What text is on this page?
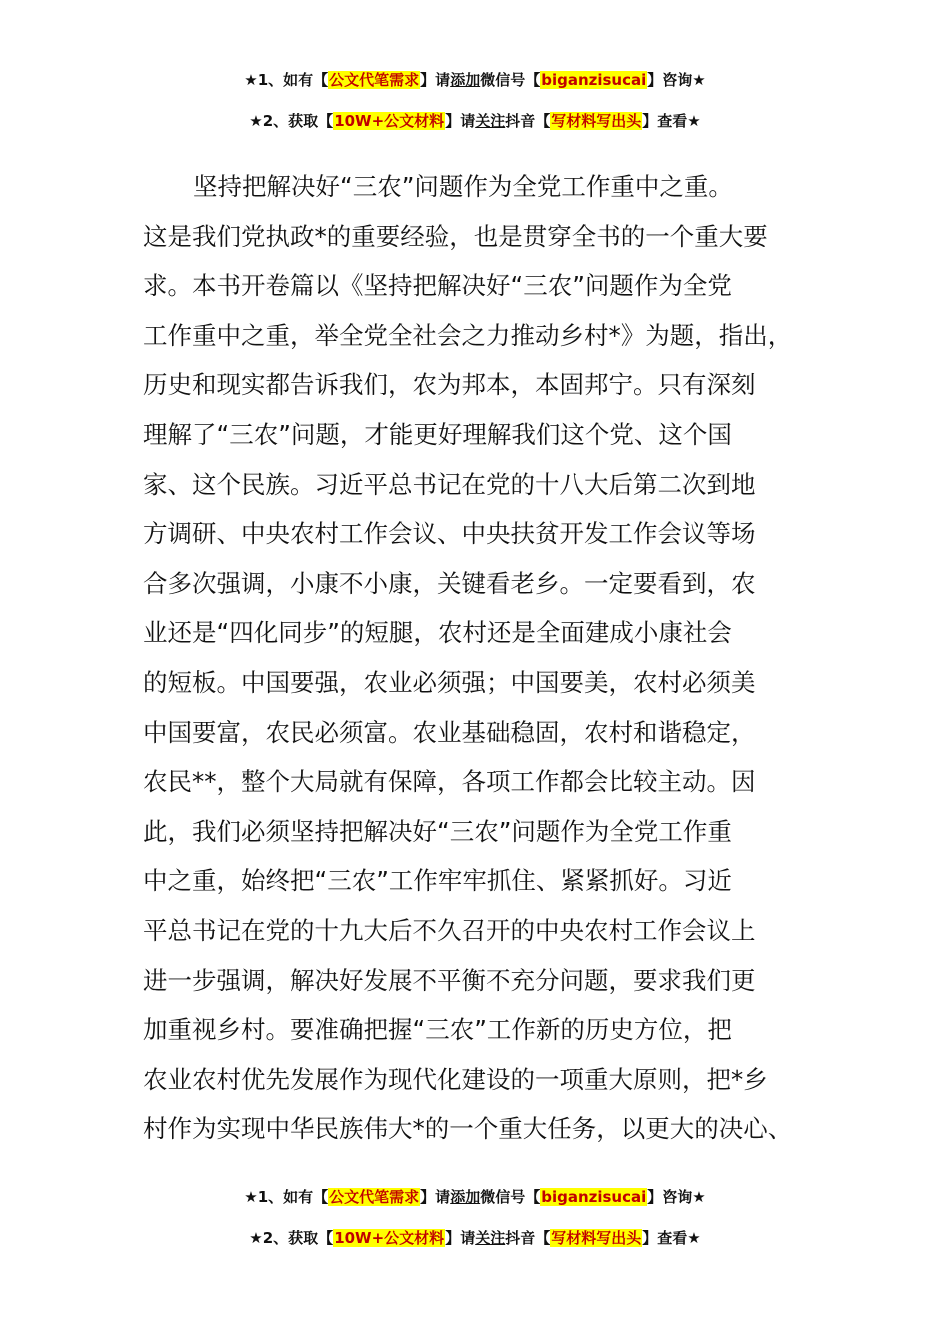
★1、如有【公文代笔需求】请添加微信号【biganzisucai】咨询★
★2、获取【10W+公文材料】请关注抖音【写材料写出头】查看★
坚持把解决好“三农”问题作为全党工作重中之重。
这是我们党执政*的重要经验，也是贯穿全书的一个重大要
求。本书开卷篇以《坚持把解决好“三农”问题作为全党
工作重中之重，举全党全社会之力推动乡村*》为题，指出，
历史和现实都告诉我们，农为邦本，本固邦宁。只有深刻
理解了“三农”问题，才能更好理解我们这个党、这个国
家、这个民族。习近平总书记在党的十八大后第二次到地
方调研、中央农村工作会议、中央扶贫开发工作会议等场
合多次强调，小康不小康，关键看老乡。一定要看到，农
业还是“四化同步”的短腿，农村还是全面建成小康社会
的短板。中国要强，农业必须强；中国要美，农村必须美
中国要富，农民必须富。农业基础稳固，农村和谐稳定，
农民**，整个大局就有保障，各项工作都会比较主动。因
此，我们必须坚持把解决好“三农”问题作为全党工作重
中之重，始终把“三农”工作牢牢抓住、紧紧抓好。习近
平总书记在党的十九大后不久召开的中央农村工作会议上
进一步强调，解决好发展不平衡不充分问题，要求我们更
加重视乡村。要准确把握“三农”工作新的历史方位，把
农业农村优先发展作为现代化建设的一项重大原则，把*乡
村作为实现中华民族伟大*的一个重大任务，以更大的决心、
★1、如有【公文代笔需求】请添加微信号【biganzisucai】咨询★
★2、获取【10W+公文材料】请关注抖音【写材料写出头】查看★
